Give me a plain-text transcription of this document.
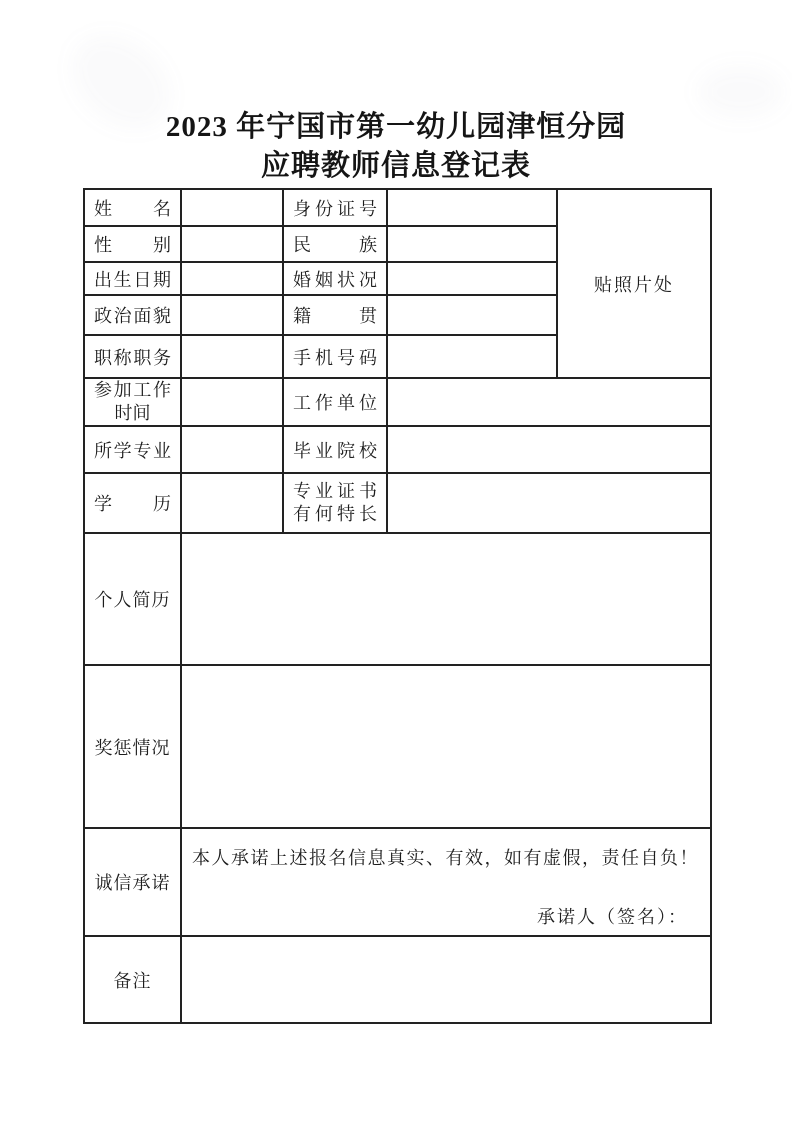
2023 年宁国市第一幼儿园津恒分园
应聘教师信息登记表
姓　名		身份证号		贴照片处

性　别		民　族		

出生日期		婚姻状况		

政治面貌		籍　贯		

职称职务		手机号码		

参加工作
时间		工作单位		

所学专业		毕业院校		

学　历		专业证书
有何特长		

个人简历				
奖惩情况				
诚信承诺	本人承诺上述报名信息真实、有效，如有虚假，责任自负！
承诺人（签名）：			

备注				
